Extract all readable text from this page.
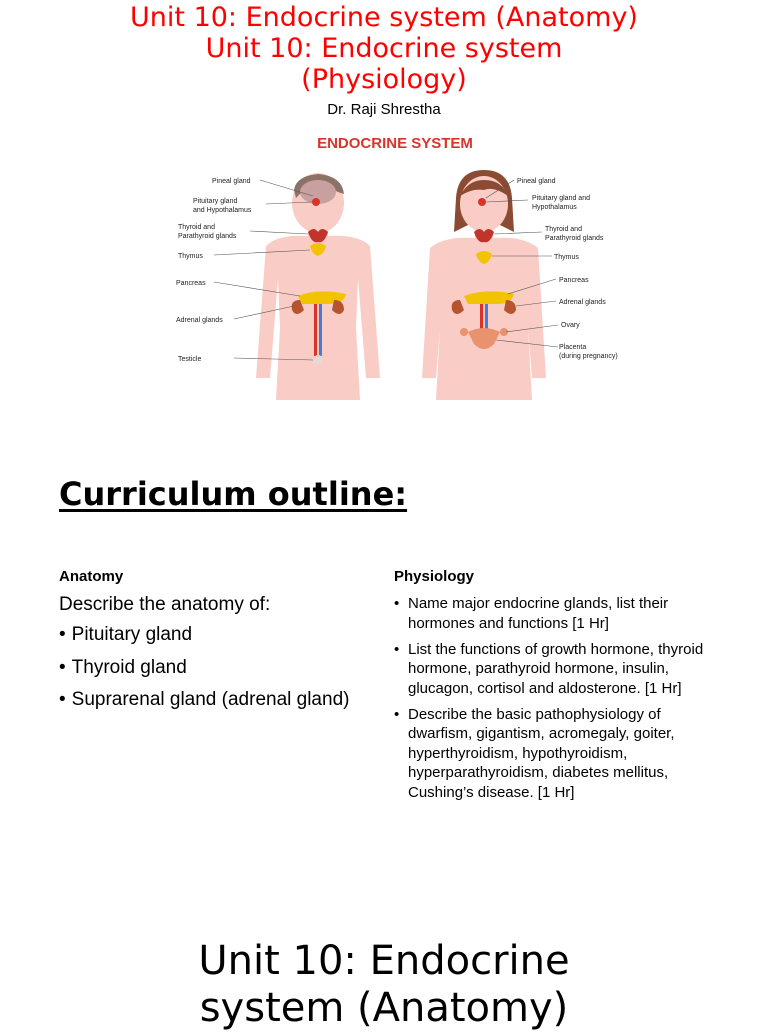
Unit 10: Endocrine system (Anatomy)
Unit 10: Endocrine system
(Physiology)
Dr. Raji Shrestha
ENDOCRINE SYSTEM
Pineal gland
Pituitary gland
and Hypothalamus
Thyroid and
Parathyroid glands
Thymus
Pancreas
Adrenal glands
Testicle
Pineal gland
Pituitary gland and
Hypothalamus
Thyroid and
Parathyroid glands
Thymus
Pancreas
Adrenal glands
Ovary
Placenta
(during pregnancy)
Curriculum outline:
Anatomy
Describe the anatomy of:
• Pituitary gland
• Thyroid gland
• Suprarenal gland (adrenal gland)
Physiology
• Name major endocrine glands, list their hormones and functions [1 Hr]
• List the functions of growth hormone, thyroid hormone, parathyroid hormone, insulin, glucagon, cortisol and aldosterone. [1 Hr]
• Describe the basic pathophysiology of dwarfism, gigantism, acromegaly, goiter, hyperthyroidism, hypothyroidism, hyperparathyroidism, diabetes mellitus, Cushing’s disease. [1 Hr]
Unit 10: Endocrine
system (Anatomy)
